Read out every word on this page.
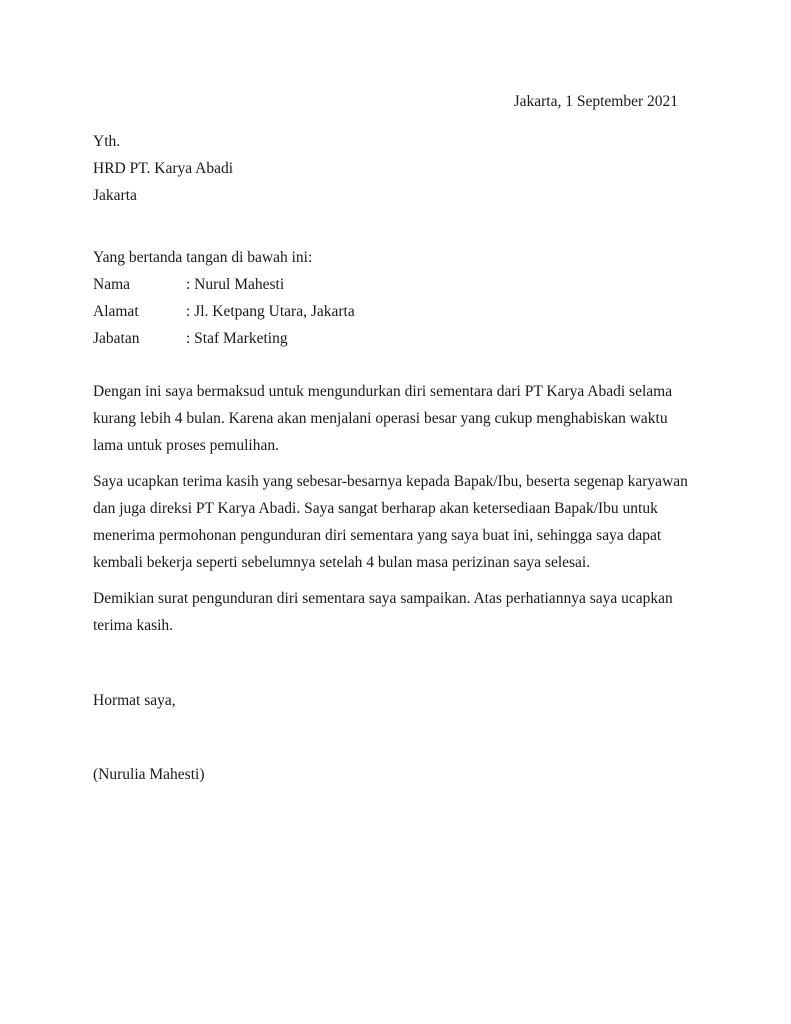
Jakarta, 1 September 2021
Yth.
HRD PT. Karya Abadi
Jakarta
Yang bertanda tangan di bawah ini:
Nama	: Nurul Mahesti
Alamat	: Jl. Ketpang Utara, Jakarta
Jabatan	: Staf Marketing
Dengan ini saya bermaksud untuk mengundurkan diri sementara dari PT Karya Abadi selama
kurang lebih 4 bulan. Karena akan menjalani operasi besar yang cukup menghabiskan waktu
lama untuk proses pemulihan.
Saya ucapkan terima kasih yang sebesar-besarnya kepada Bapak/Ibu, beserta segenap karyawan
dan juga direksi PT Karya Abadi. Saya sangat berharap akan ketersediaan Bapak/Ibu untuk
menerima permohonan pengunduran diri sementara yang saya buat ini, sehingga saya dapat
kembali bekerja seperti sebelumnya setelah 4 bulan masa perizinan saya selesai.
Demikian surat pengunduran diri sementara saya sampaikan. Atas perhatiannya saya ucapkan
terima kasih.
Hormat saya,
(Nurulia Mahesti)
